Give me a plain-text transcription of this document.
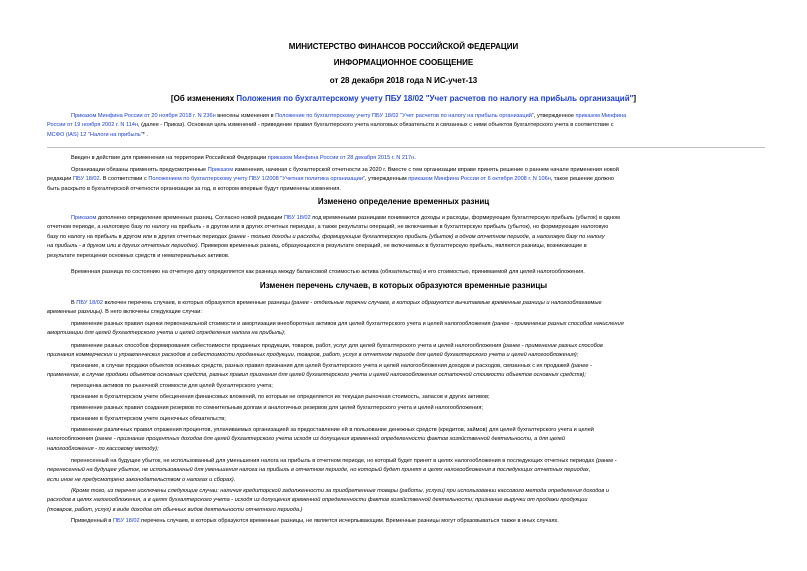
МИНИСТЕРСТВО ФИНАНСОВ РОССИЙСКОЙ ФЕДЕРАЦИИ
ИНФОРМАЦИОННОЕ СООБЩЕНИЕ
от 28 декабря 2018 года N ИС-учет-13
[Об изменениях Положения по бухгалтерскому учету ПБУ 18/02 "Учет расчетов по налогу на прибыль организаций"]
Приказом Минфина России от 20 ноября 2018 г. N 236н внесены изменения в Положение по бухгалтерскому учету ПБУ 18/02 "Учет расчетов по налогу на прибыль организаций", утвержденное приказом Минфина
России от 19 ноября 2002 г. N 114н, (далее - Приказ). Основная цель изменений - приведение правил бухгалтерского учета налоговых обязательств и связанных с ними объектов бухгалтерского учета в соответствие с
МСФО (IAS) 12 "Налоги на прибыль"* .
Введен в действие для применения на территории Российской Федерации приказом Минфина России от 28 декабря 2015 г. N 217н.
Организации обязаны применять предусмотренные Приказом изменения, начиная с бухгалтерской отчетности за 2020 г. Вместе с тем организации вправе принять решение о раннем начале применения новой
редакции ПБУ 18/02. В соответствии с Положением по бухгалтерскому учету ПБУ 1/2008 "Учетная политика организации", утвержденным приказом Минфина России от 6 октября 2008 г. N 106н, такое решение должно
быть раскрыто в бухгалтерской отчетности организации за год, в котором впервые будут применены изменения.
Изменено определение временных разниц
Приказом дополнено определение временных разниц. Согласно новой редакции ПБУ 18/02 под временными разницами понимаются доходы и расходы, формирующие бухгалтерскую прибыль (убыток) в одном
отчетном периоде, а налоговую базу по налогу на прибыль - в другом или в других отчетных периодах, а также результаты операций, не включаемые в бухгалтерскую прибыль (убыток), но формирующие налоговую
базу по налогу на прибыль в другом или в других отчетных периодах (ранее - только доходы и расходы, формирующие бухгалтерскую прибыль (убыток) в одном отчетном периоде, а налоговую базу по налогу
на прибыль - в другом или в других отчетных периодах). Примером временных разниц, образующихся в результате операций, не включаемых в бухгалтерскую прибыль, являются разницы, возникающие в
результате переоценки основных средств и нематериальных активов.
Временная разница по состоянию на отчетную дату определяется как разница между балансовой стоимостью актива (обязательства) и его стоимостью, принимаемой для целей налогообложения.
Изменен перечень случаев, в которых образуются временные разницы
В ПБУ 18/02 включен перечень случаев, в которых образуются временные разницы (ранее - отдельные перечни случаев, в которых образуются вычитаемые временные разницы и налогооблагаемые
временные разницы). В него включены следующие случаи:
применение разных правил оценки первоначальной стоимости и амортизации внеоборотных активов для целей бухгалтерского учета и целей налогообложения (ранее - применение разных способов начисления
амортизации для целей бухгалтерского учета и целей определения налога на прибыль);
применение разных способов формирования себестоимости проданных продукции, товаров, работ, услуг для целей бухгалтерского учета и целей налогообложения (ранее - применение разных способов
признания коммерческих и управленческих расходов в себестоимости проданных продукции, товаров, работ, услуг в отчетном периоде для целей бухгалтерского учета и целей налогообложения);
признание, в случае продажи объектов основных средств, разных правил признания для целей бухгалтерского учета и целей налогообложения доходов и расходов, связанных с их продажей (ранее -
применение, в случае продажи объектов основных средств, разных правил признания для целей бухгалтерского учета и целей налогообложения остаточной стоимости объектов основных средств);
переоценка активов по рыночной стоимости для целей бухгалтерского учета;
признание в бухгалтерском учете обесценения финансовых вложений, по которым не определяется их текущая рыночная стоимость, запасов и других активов;
применение разных правил создания резервов по сомнительным долгам и аналогичных резервов для целей бухгалтерского учета и целей налогообложения;
признание в бухгалтерском учете оценочных обязательств;
применение различных правил отражения процентов, уплачиваемых организацией за предоставление ей в пользование денежных средств (кредитов, займов) для целей бухгалтерского учета и целей
налогообложения (ранее - признание процентных доходов для целей бухгалтерского учета исходя из допущения временной определенности фактов хозяйственной деятельности, а для целей
налогообложения - по кассовому методу);
перенесенный на будущее убыток, не использованный для уменьшения налога на прибыль в отчетном периоде, но который будет принят в целях налогообложения в последующих отчетных периодах (ранее -
перенесенный на будущее убыток, не использованный для уменьшения налога на прибыль в отчетном периоде, но который будет принят в целях налогообложения в последующих отчетных периодах,
если иное не предусмотрено законодательством о налогах и сборах).
(Кроме того, из перечня исключены следующие случаи: наличия кредиторской задолженности за приобретенные товары (работы, услуги) при использовании кассового метода определения доходов и
расходов в целях налогообложения, а в целях бухгалтерского учета - исходя из допущения временной определенности фактов хозяйственной деятельности; признание выручки от продажи продукции
(товаров, работ, услуг) в виде доходов от обычных видов деятельности отчетного периода.)
Приведенный в ПБУ 18/02 перечень случаев, в которых образуются временные разницы, не является исчерпывающим. Временные разницы могут образовываться также в иных случаях.
